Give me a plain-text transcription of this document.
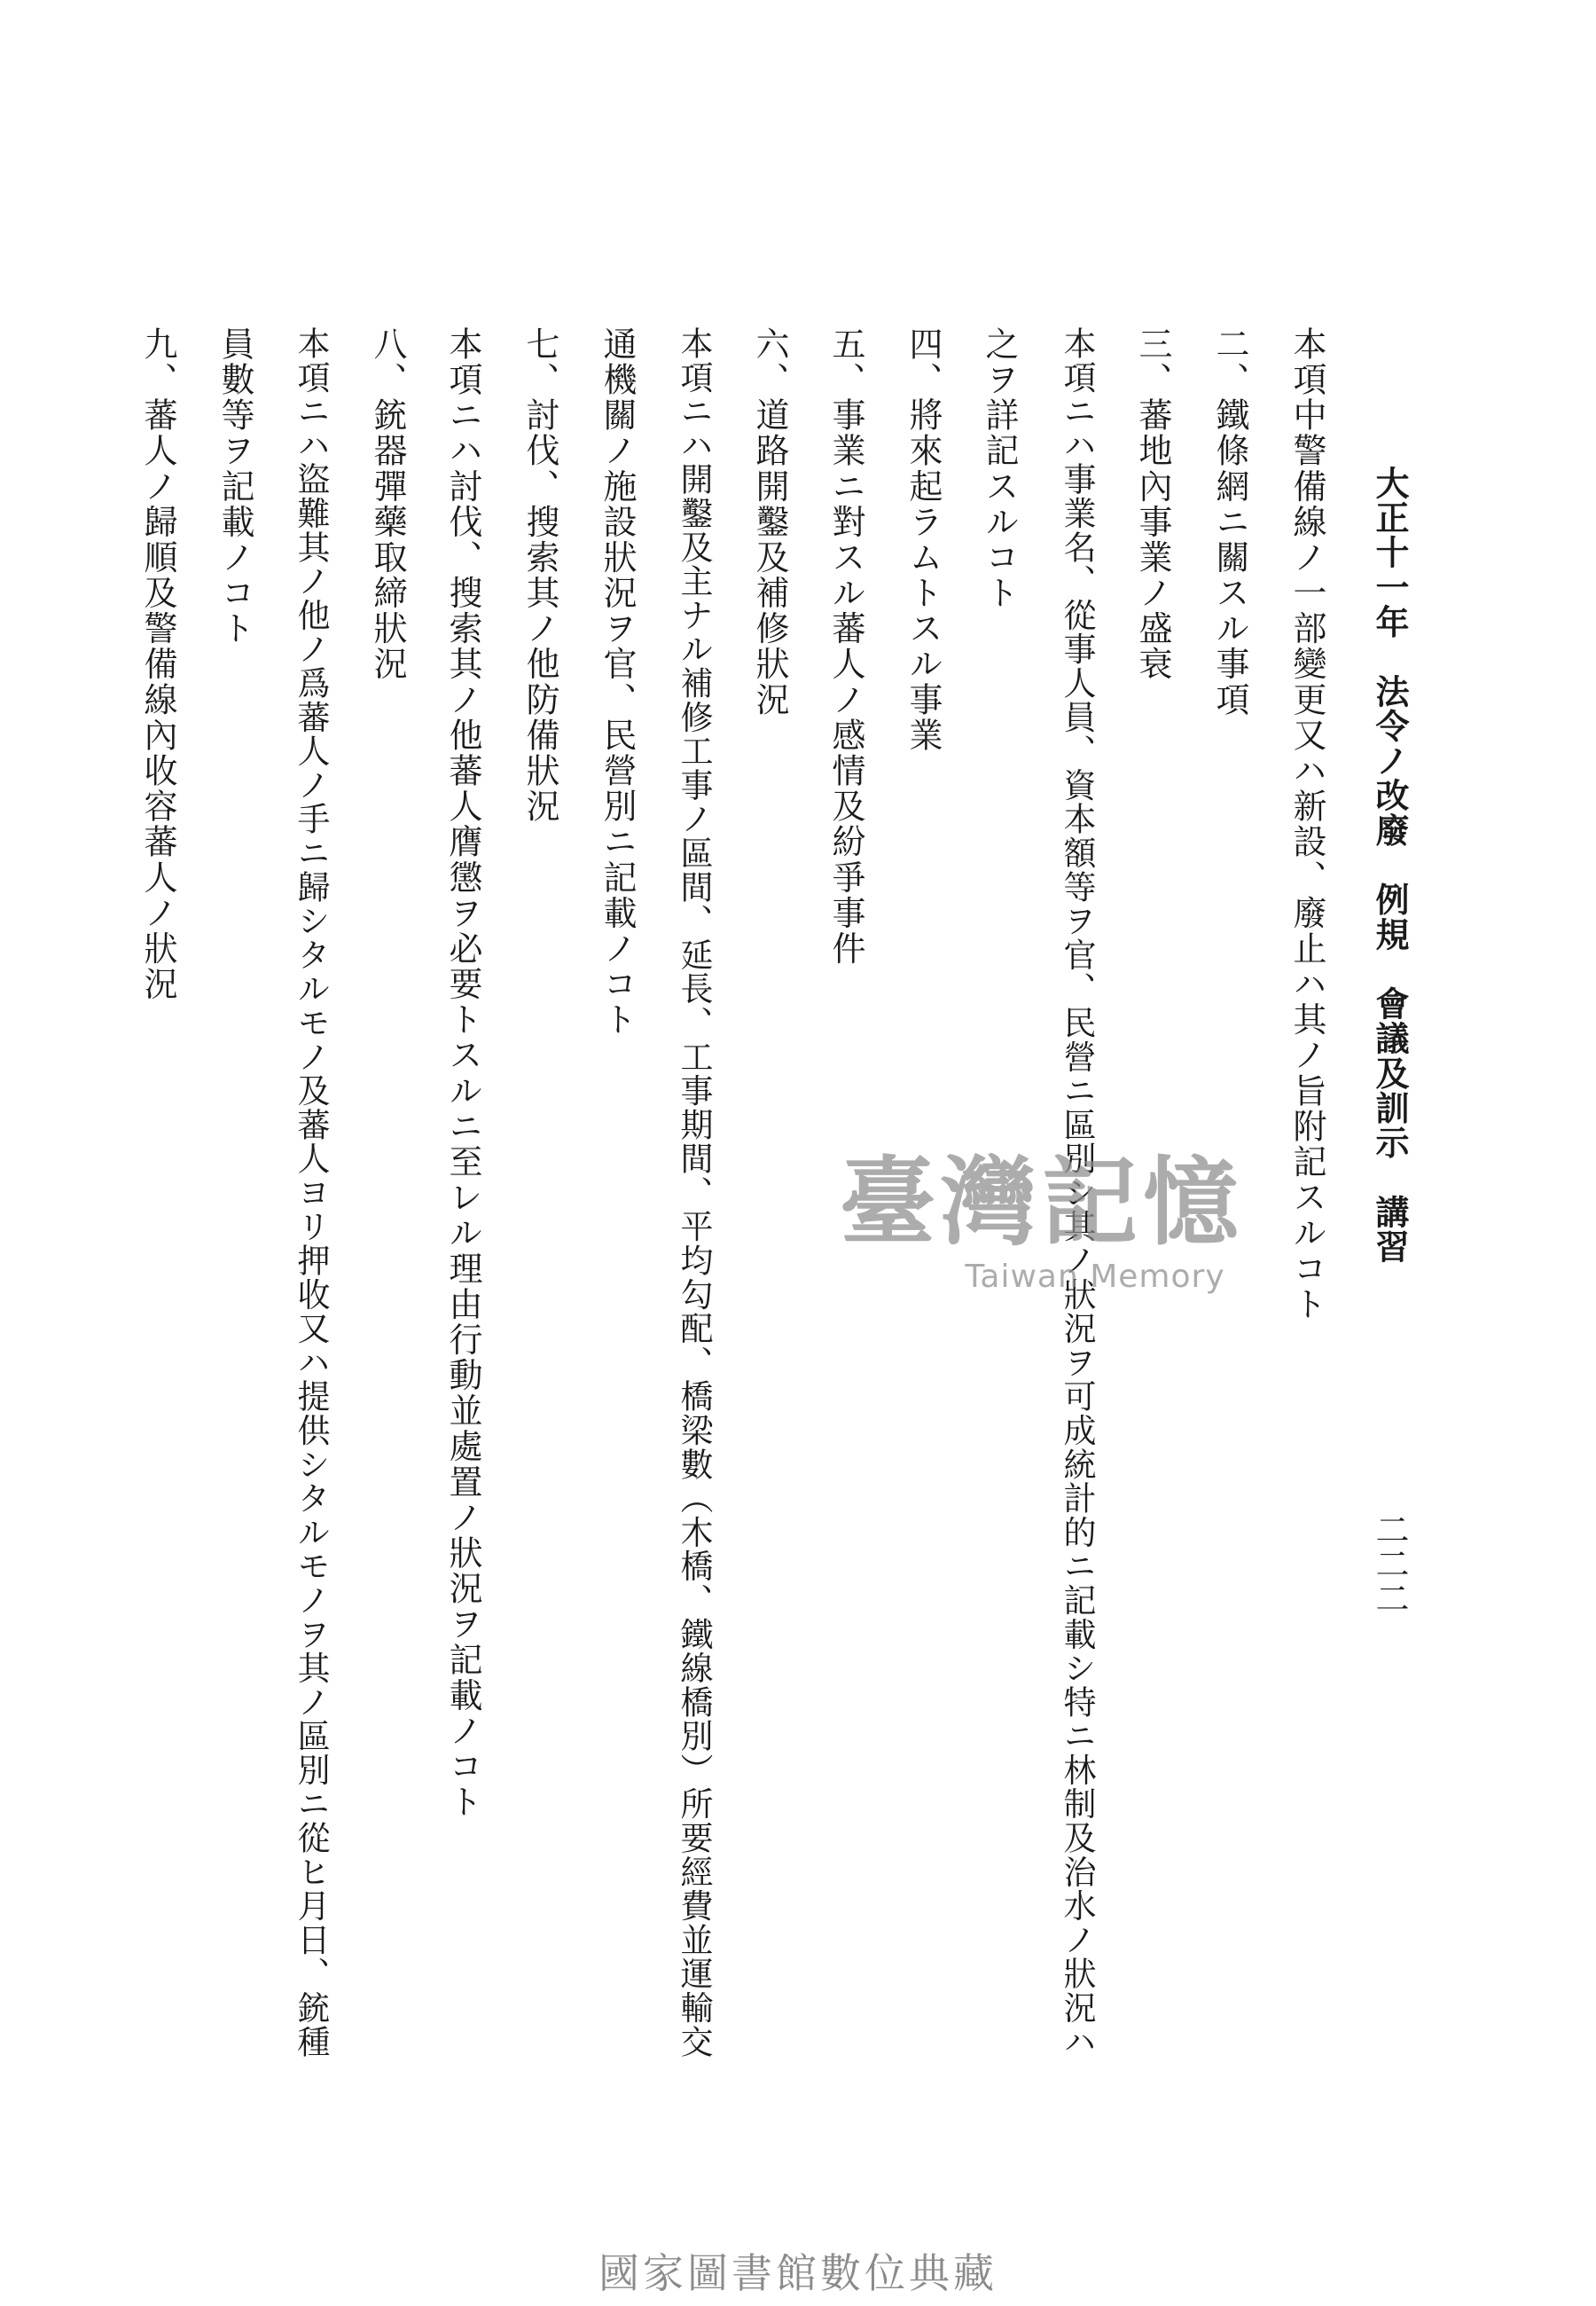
大正十一年　法令ノ改廢　例規　會議及訓示　講習
二二二
本項中警備線ノ一部變更又ハ新設、廢止ハ其ノ旨附記スルコト
二、鐵條網ニ關スル事項
三、蕃地內事業ノ盛衰
本項ニハ事業名、從事人員、資本額等ヲ官、民營ニ區別シ其ノ狀況ヲ可成統計的ニ記載シ特ニ林制及治水ノ狀況ハ
之ヲ詳記スルコト
四、將來起ラムトスル事業
五、事業ニ對スル蕃人ノ感情及紛爭事件
六、道路開鑿及補修狀況
本項ニハ開鑿及主ナル補修工事ノ區間、延長、工事期間、平均勾配、橋梁數（木橋、鐵線橋別）所要經費並運輸交
通機關ノ施設狀況ヲ官、民營別ニ記載ノコト
七、討伐、搜索其ノ他防備狀況
本項ニハ討伐、搜索其ノ他蕃人膺懲ヲ必要トスルニ至レル理由行動並處置ノ狀況ヲ記載ノコト
八、銃器彈藥取締狀況
本項ニハ盜難其ノ他ノ爲蕃人ノ手ニ歸シタルモノ及蕃人ヨリ押收又ハ提供シタルモノヲ其ノ區別ニ從ヒ月日、銃種
員數等ヲ記載ノコト
九、蕃人ノ歸順及警備線內收容蕃人ノ狀況
臺灣記憶
Taiwan Memory
國家圖書館數位典藏
